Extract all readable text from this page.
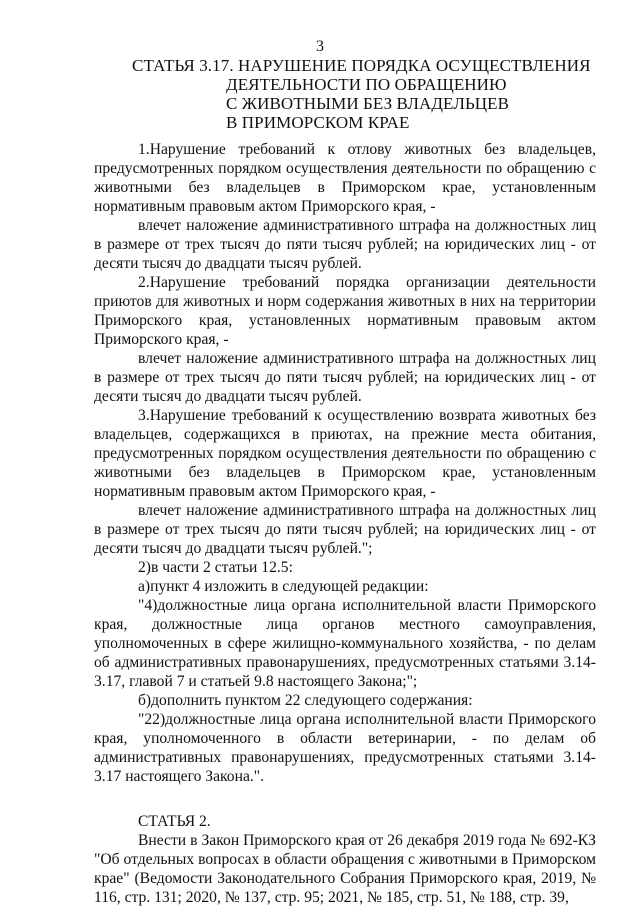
3
СТАТЬЯ 3.17. НАРУШЕНИЕ ПОРЯДКА ОСУЩЕСТВЛЕНИЯ
ДЕЯТЕЛЬНОСТИ ПО ОБРАЩЕНИЮ
С ЖИВОТНЫМИ БЕЗ ВЛАДЕЛЬЦЕВ
В ПРИМОРСКОМ КРАЕ

1.Нарушение требований к отлову животных без владельцев, предусмотренных порядком осуществления деятельности по обращению с животными без владельцев в Приморском крае, установленным нормативным правовым актом Приморского края, -

влечет наложение административного штрафа на должностных лиц в размере от трех тысяч до пяти тысяч рублей; на юридических лиц - от десяти тысяч до двадцати тысяч рублей.

2.Нарушение требований порядка организации деятельности приютов для животных и норм содержания животных в них на территории Приморского края, установленных нормативным правовым актом Приморского края, -

влечет наложение административного штрафа на должностных лиц в размере от трех тысяч до пяти тысяч рублей; на юридических лиц - от десяти тысяч до двадцати тысяч рублей.

3.Нарушение требований к осуществлению возврата животных без владельцев, содержащихся в приютах, на прежние места обитания, предусмотренных порядком осуществления деятельности по обращению с животными без владельцев в Приморском крае, установленным нормативным правовым актом Приморского края, -

влечет наложение административного штрафа на должностных лиц в размере от трех тысяч до пяти тысяч рублей; на юридических лиц - от десяти тысяч до двадцати тысяч рублей.";

2)в части 2 статьи 12.5:

а)пункт 4 изложить в следующей редакции:

"4)должностные лица органа исполнительной власти Приморского края, должностные лица органов местного самоуправления, уполномоченных в сфере жилищно-коммунального хозяйства, - по делам об административных правонарушениях, предусмотренных статьями 3.14-3.17, главой 7 и статьей 9.8 настоящего Закона;";

б)дополнить пунктом 22 следующего содержания:

"22)должностные лица органа исполнительной власти Приморского края, уполномоченного в области ветеринарии, - по делам об административных правонарушениях, предусмотренных статьями 3.14-3.17 настоящего Закона.".

СТАТЬЯ 2.

Внести в Закон Приморского края от 26 декабря 2019 года № 692-КЗ "Об отдельных вопросах в области обращения с животными в Приморском крае" (Ведомости Законодательного Собрания Приморского края, 2019, № 116, стр. 131; 2020, № 137, стр. 95; 2021, № 185, стр. 51, № 188, стр. 39,
